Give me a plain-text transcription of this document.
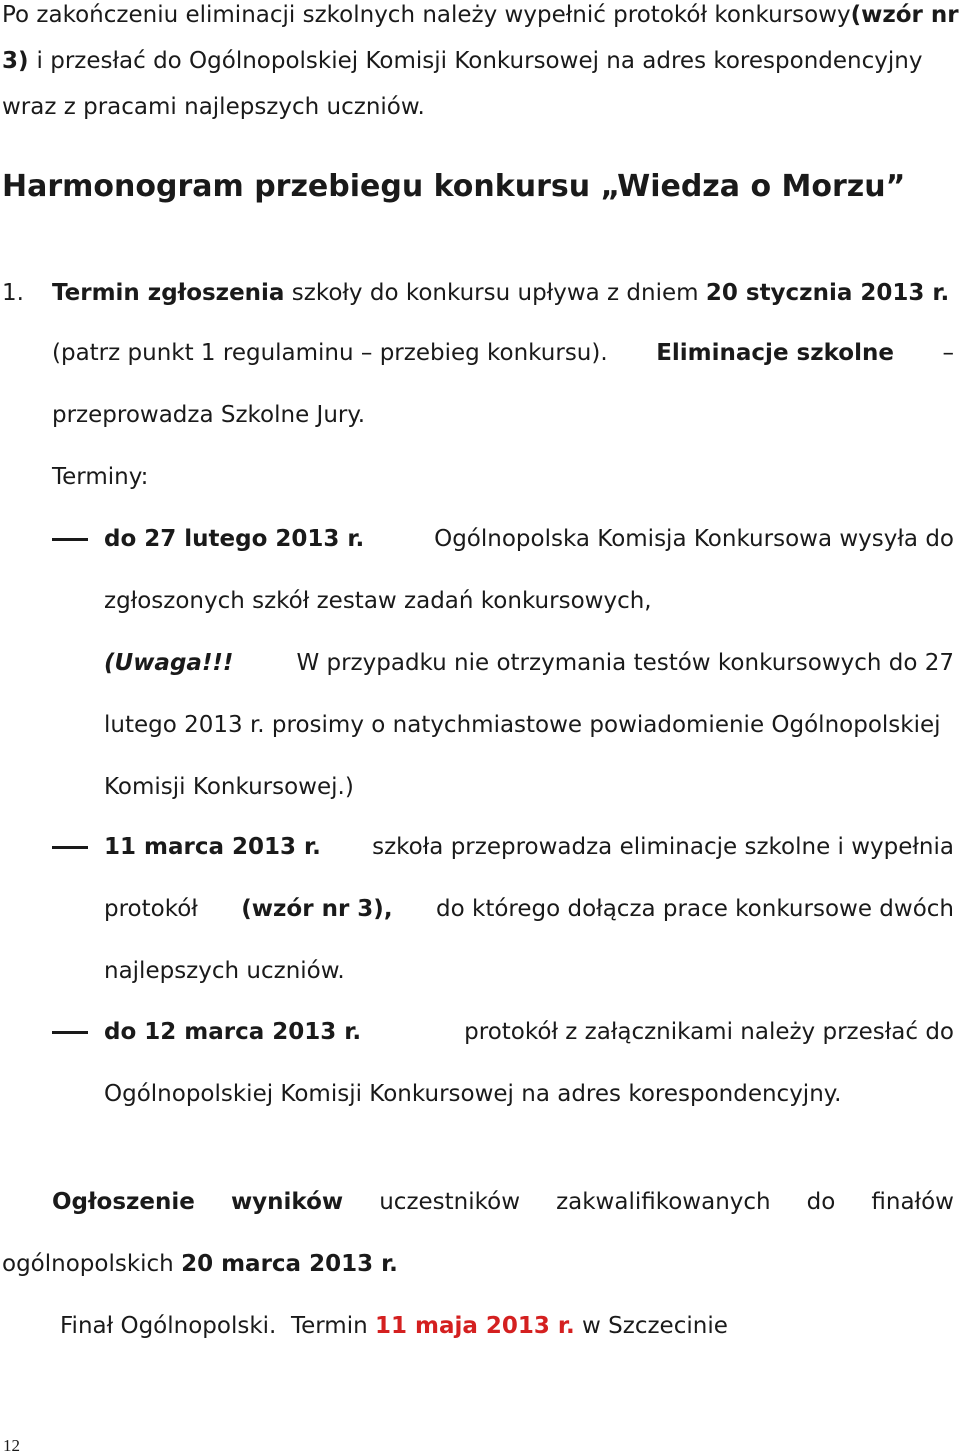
Po zakończeniu eliminacji szkolnych należy wypełnić protokół konkursowy (wzór nr
3) i przesłać do Ogólnopolskiej Komisji Konkursowej na adres korespondencyjny
wraz z pracami najlepszych uczniów.
Harmonogram przebiegu konkursu „Wiedza o Morzu”
1. Termin zgłoszenia szkoły do konkursu upływa z dniem 20 stycznia 2013 r.
(patrz punkt 1 regulaminu – przebieg konkursu). Eliminacje szkolne –
przeprowadza Szkolne Jury.
Terminy:
do 27 lutego 2013 r.	Ogólnopolska Komisja Konkursowa wysyła do
zgłoszonych szkół zestaw zadań konkursowych,
(Uwaga!!!	W przypadku nie otrzymania testów konkursowych do 27
lutego 2013 r. prosimy o natychmiastowe powiadomienie Ogólnopolskiej
Komisji Konkursowej.)
11 marca 2013 r. szkoła przeprowadza eliminacje szkolne i wypełnia
protokół (wzór nr 3), do którego dołącza prace konkursowe dwóch
najlepszych uczniów.
do 12 marca 2013 r.	protokół z załącznikami należy przesłać do
Ogólnopolskiej Komisji Konkursowej na adres korespondencyjny.
Ogłoszenie wyników uczestników zakwalifikowanych do finałów
ogólnopolskich 20 marca 2013 r.
Finał Ogólnopolski.  Termin 11 maja 2013 r. w Szczecinie
12
